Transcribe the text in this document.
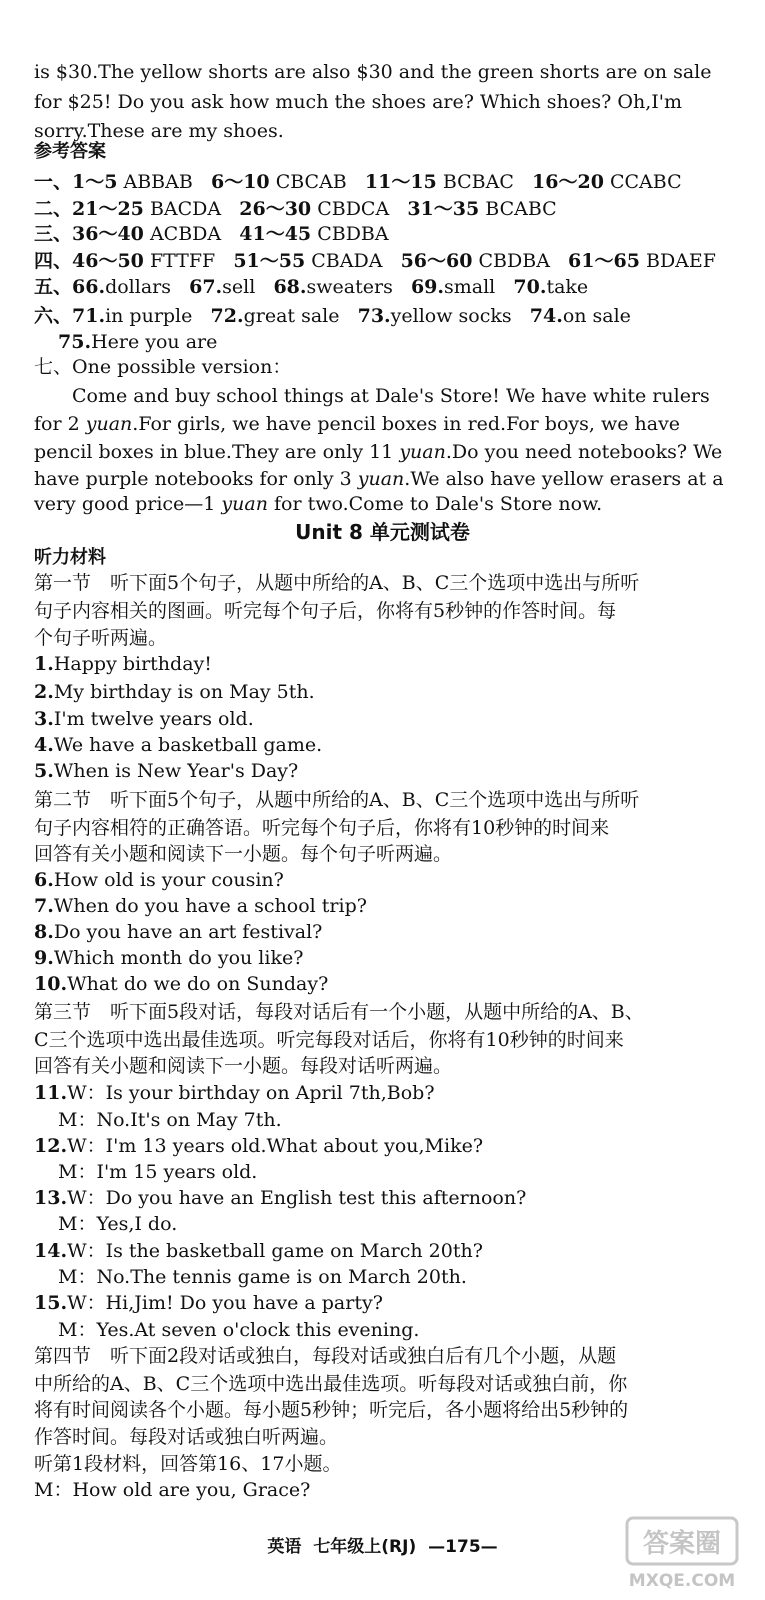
is $30.The yellow shorts are also $30 and the green shorts are on sale
for $25! Do you ask how much the shoes are? Which shoes? Oh,I'm
sorry.These are my shoes.
参考答案
一、1～5 ABBAB 6～10 CBCAB 11～15 BCBAC 16～20 CCABC
二、21～25 BACDA 26～30 CBDCA 31～35 BCABC
三、36～40 ACBDA 41～45 CBDBA
四、46～50 FTTFF 51～55 CBADA 56～60 CBDBA 61～65 BDAEF
五、66.dollars 67.sell 68.sweaters 69.small 70.take
六、71.in purple 72.great sale 73.yellow socks 74.on sale
75.Here you are
七、One possible version：
Come and buy school things at Dale's Store! We have white rulers
for 2 yuan.For girls, we have pencil boxes in red.For boys, we have
pencil boxes in blue.They are only 11 yuan.Do you need notebooks? We
have purple notebooks for only 3 yuan.We also have yellow erasers at a
very good price—1 yuan for two.Come to Dale's Store now.
Unit 8 单元测试卷
听力材料
第一节　听下面5个句子，从题中所给的A、B、C三个选项中选出与所听
句子内容相关的图画。听完每个句子后，你将有5秒钟的作答时间。每
个句子听两遍。
1.Happy birthday!
2.My birthday is on May 5th.
3.I'm twelve years old.
4.We have a basketball game.
5.When is New Year's Day?
第二节　听下面5个句子，从题中所给的A、B、C三个选项中选出与所听
句子内容相符的正确答语。听完每个句子后，你将有10秒钟的时间来
回答有关小题和阅读下一小题。每个句子听两遍。
6.How old is your cousin?
7.When do you have a school trip?
8.Do you have an art festival?
9.Which month do you like?
10.What do we do on Sunday?
第三节　听下面5段对话，每段对话后有一个小题，从题中所给的A、B、
C三个选项中选出最佳选项。听完每段对话后，你将有10秒钟的时间来
回答有关小题和阅读下一小题。每段对话听两遍。
11.W：Is your birthday on April 7th,Bob?
M：No.It's on May 7th.
12.W：I'm 13 years old.What about you,Mike?
M：I'm 15 years old.
13.W：Do you have an English test this afternoon?
M：Yes,I do.
14.W：Is the basketball game on March 20th?
M：No.The tennis game is on March 20th.
15.W：Hi,Jim! Do you have a party?
M：Yes.At seven o'clock this evening.
第四节　听下面2段对话或独白，每段对话或独白后有几个小题，从题
中所给的A、B、C三个选项中选出最佳选项。听每段对话或独白前，你
将有时间阅读各个小题。每小题5秒钟；听完后，各小题将给出5秒钟的
作答时间。每段对话或独白听两遍。
听第1段材料，回答第16、17小题。
M：How old are you, Grace?
英语 七年级上(RJ) —175—	答案圈
MXQE.COM
